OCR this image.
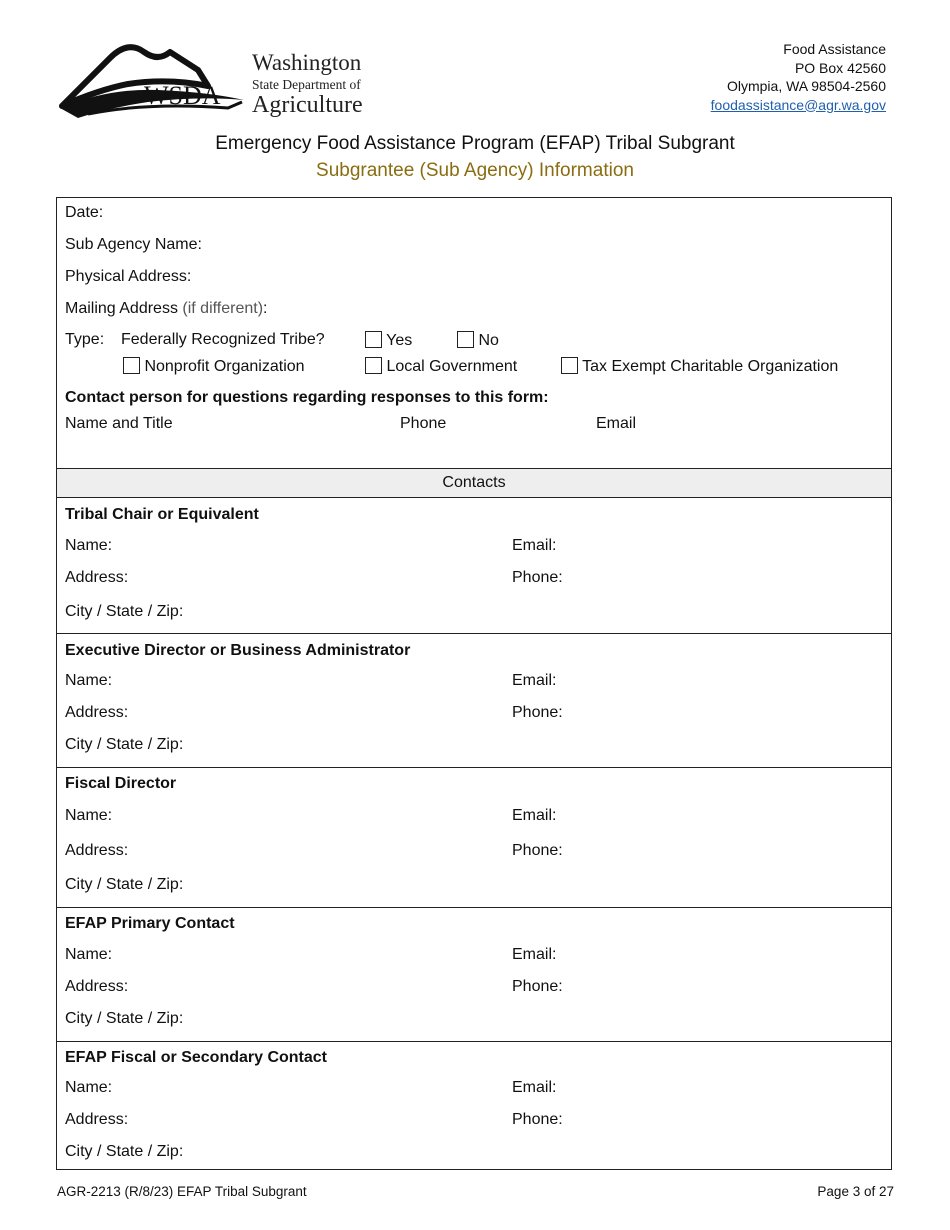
WSDA
Washington
State Department of
Agriculture
Food Assistance
PO Box 42560
Olympia, WA 98504-2560
foodassistance@agr.wa.gov
Emergency Food Assistance Program (EFAP) Tribal Subgrant
Subgrantee (Sub Agency) Information
Date:
Sub Agency Name:
Physical Address:
Mailing Address (if different):
Type: Federally Recognized Tribe?	Yes	No
Nonprofit Organization	Local Government	Tax Exempt Charitable Organization
Contact person for questions regarding responses to this form:
Name and Title	Phone	Email
Contacts
Tribal Chair or Equivalent
Name:	Email:
Address:	Phone:
City / State / Zip:
Executive Director or Business Administrator
Name:	Email:
Address:	Phone:
City / State / Zip:
Fiscal Director
Name:	Email:
Address:	Phone:
City / State / Zip:
EFAP Primary Contact
Name:	Email:
Address:	Phone:
City / State / Zip:
EFAP Fiscal or Secondary Contact
Name:	Email:
Address:	Phone:
City / State / Zip:
AGR-2213 (R/8/23) EFAP Tribal Subgrant	Page 3 of 27
